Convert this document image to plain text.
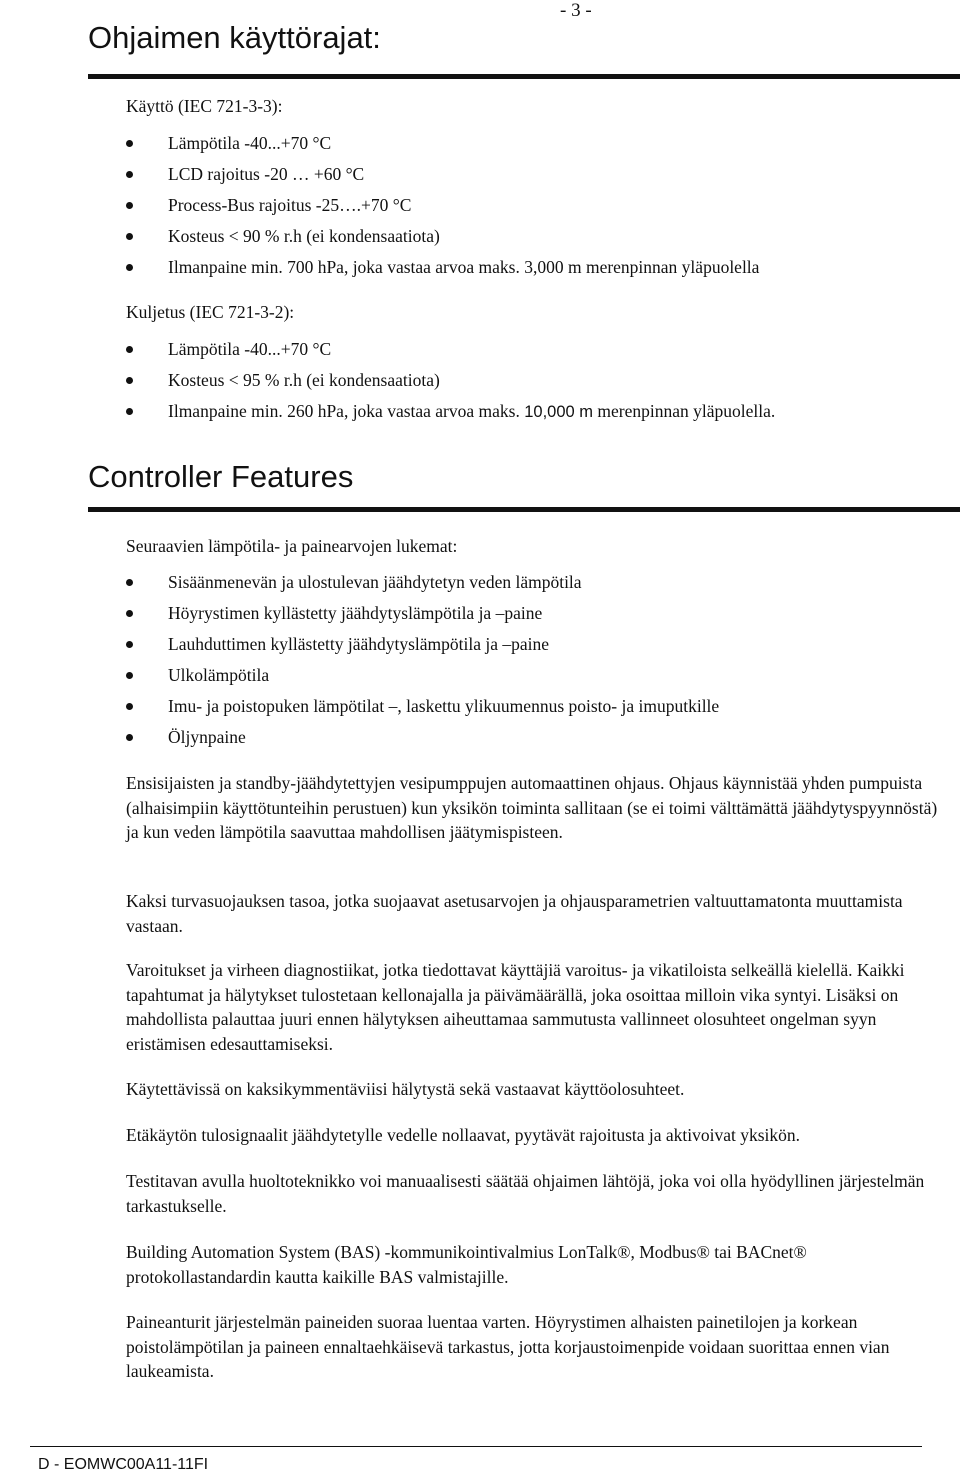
- 3 -
Ohjaimen käyttörajat:
Käyttö (IEC 721-3-3):
Lämpötila -40...+70 °C
LCD rajoitus -20 … +60 °C
Process-Bus rajoitus -25….+70 °C
Kosteus < 90 % r.h (ei kondensaatiota)
Ilmanpaine min. 700 hPa, joka vastaa arvoa maks. 3,000 m merenpinnan yläpuolella
Kuljetus (IEC 721-3-2):
Lämpötila -40...+70 °C
Kosteus < 95 % r.h (ei kondensaatiota)
Ilmanpaine min. 260 hPa, joka vastaa arvoa maks. 10,000 m merenpinnan yläpuolella.
Controller Features
Seuraavien lämpötila- ja painearvojen lukemat:
Sisäänmenevän ja ulostulevan jäähdytetyn veden lämpötila
Höyrystimen kyllästetty jäähdytyslämpötila ja –paine
Lauhduttimen kyllästetty jäähdytyslämpötila ja –paine
Ulkolämpötila
Imu- ja poistopuken lämpötilat –, laskettu ylikuumennus poisto- ja imuputkille
Öljynpaine

Ensisijaisten ja standby-jäähdytettyjen vesipumppujen automaattinen ohjaus. Ohjaus käynnistää yhden pumpuista (alhaisimpiin käyttötunteihin perustuen) kun yksikön toiminta sallitaan (se ei toimi välttämättä jäähdytyspyynnöstä) ja kun veden lämpötila saavuttaa mahdollisen jäätymispisteen.

Kaksi turvasuojauksen tasoa, jotka suojaavat asetusarvojen ja ohjausparametrien valtuuttamatonta muuttamista vastaan.

Varoitukset ja virheen diagnostiikat, jotka tiedottavat käyttäjiä varoitus- ja vikatiloista selkeällä kielellä. Kaikki tapahtumat ja hälytykset tulostetaan kellonajalla ja päivämäärällä, joka osoittaa milloin vika syntyi. Lisäksi on mahdollista palauttaa juuri ennen hälytyksen aiheuttamaa sammutusta vallinneet olosuhteet ongelman syyn eristämisen edesauttamiseksi.

Käytettävissä on kaksikymmentäviisi hälytystä sekä vastaavat käyttöolosuhteet.

Etäkäytön tulosignaalit jäähdytetylle vedelle nollaavat, pyytävät rajoitusta ja aktivoivat yksikön.

Testitavan avulla huoltoteknikko voi manuaalisesti säätää ohjaimen lähtöjä, joka voi olla hyödyllinen järjestelmän tarkastukselle.

Building Automation System (BAS) -kommunikointivalmius LonTalk®, Modbus® tai BACnet® protokollastandardin kautta kaikille BAS valmistajille.

Paineanturit järjestelmän paineiden suoraa luentaa varten. Höyrystimen alhaisten painetilojen ja korkean poistolämpötilan ja paineen ennaltaehkäisevä tarkastus, jotta korjaustoimenpide voidaan suorittaa ennen vian laukeamista.

D - EOMWC00A11-11FI
